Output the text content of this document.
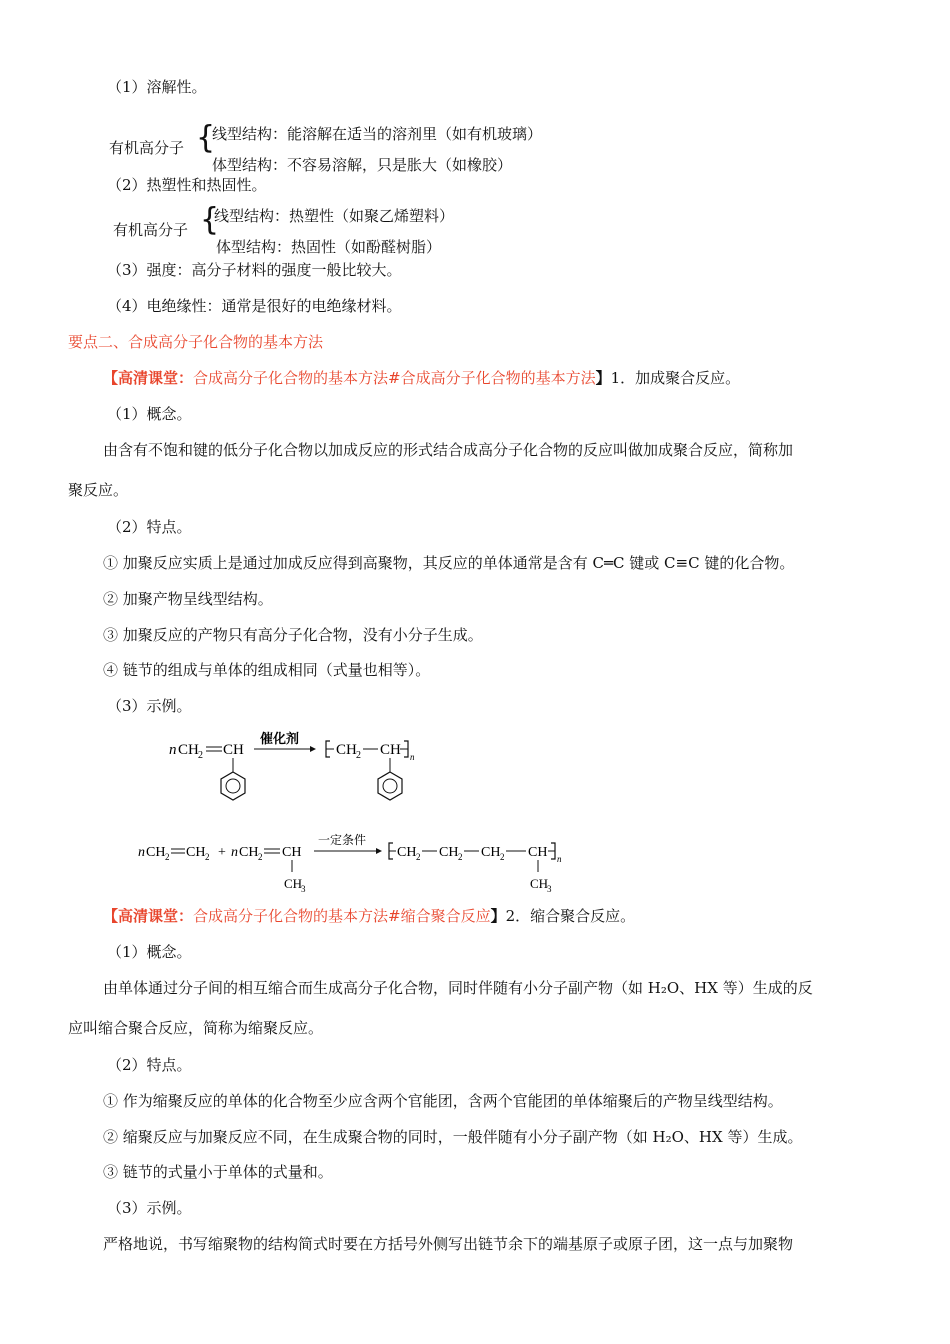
（1）溶解性。
有机高分子 {
线型结构：能溶解在适当的溶剂里（如有机玻璃）
体型结构：不容易溶解，只是胀大（如橡胶）
（2）热塑性和热固性。
有机高分子 {
线型结构：热塑性（如聚乙烯塑料）
体型结构：热固性（如酚醛树脂）
（3）强度：高分子材料的强度一般比较大。
（4）电绝缘性：通常是很好的电绝缘材料。
要点二、合成高分子化合物的基本方法
【高清课堂：合成高分子化合物的基本方法#合成高分子化合物的基本方法】1．加成聚合反应。
（1）概念。
由含有不饱和键的低分子化合物以加成反应的形式结合成高分子化合物的反应叫做加成聚合反应，简称加
聚反应。
（2）特点。
① 加聚反应实质上是通过加成反应得到高聚物，其反应的单体通常是含有 C═C 键或 C≡C 键的化合物。
② 加聚产物呈线型结构。
③ 加聚反应的产物只有高分子化合物，没有小分子生成。
④ 链节的组成与单体的组成相同（式量也相等）。
（3）示例。
n CH 2 CH
催化剂
CH 2 CH n
n CH 2 CH 2 + n CH 2 CH
CH
3
一定条件
CH 2 CH 2 CH 2 CH n
CH
3
【高清课堂：合成高分子化合物的基本方法#缩合聚合反应】2．缩合聚合反应。
（1）概念。
由单体通过分子间的相互缩合而生成高分子化合物，同时伴随有小分子副产物（如 H₂O、HX 等）生成的反
应叫缩合聚合反应，简称为缩聚反应。
（2）特点。
① 作为缩聚反应的单体的化合物至少应含两个官能团，含两个官能团的单体缩聚后的产物呈线型结构。
② 缩聚反应与加聚反应不同，在生成聚合物的同时，一般伴随有小分子副产物（如 H₂O、HX 等）生成。
③ 链节的式量小于单体的式量和。
（3）示例。
严格地说，书写缩聚物的结构简式时要在方括号外侧写出链节余下的端基原子或原子团，这一点与加聚物
